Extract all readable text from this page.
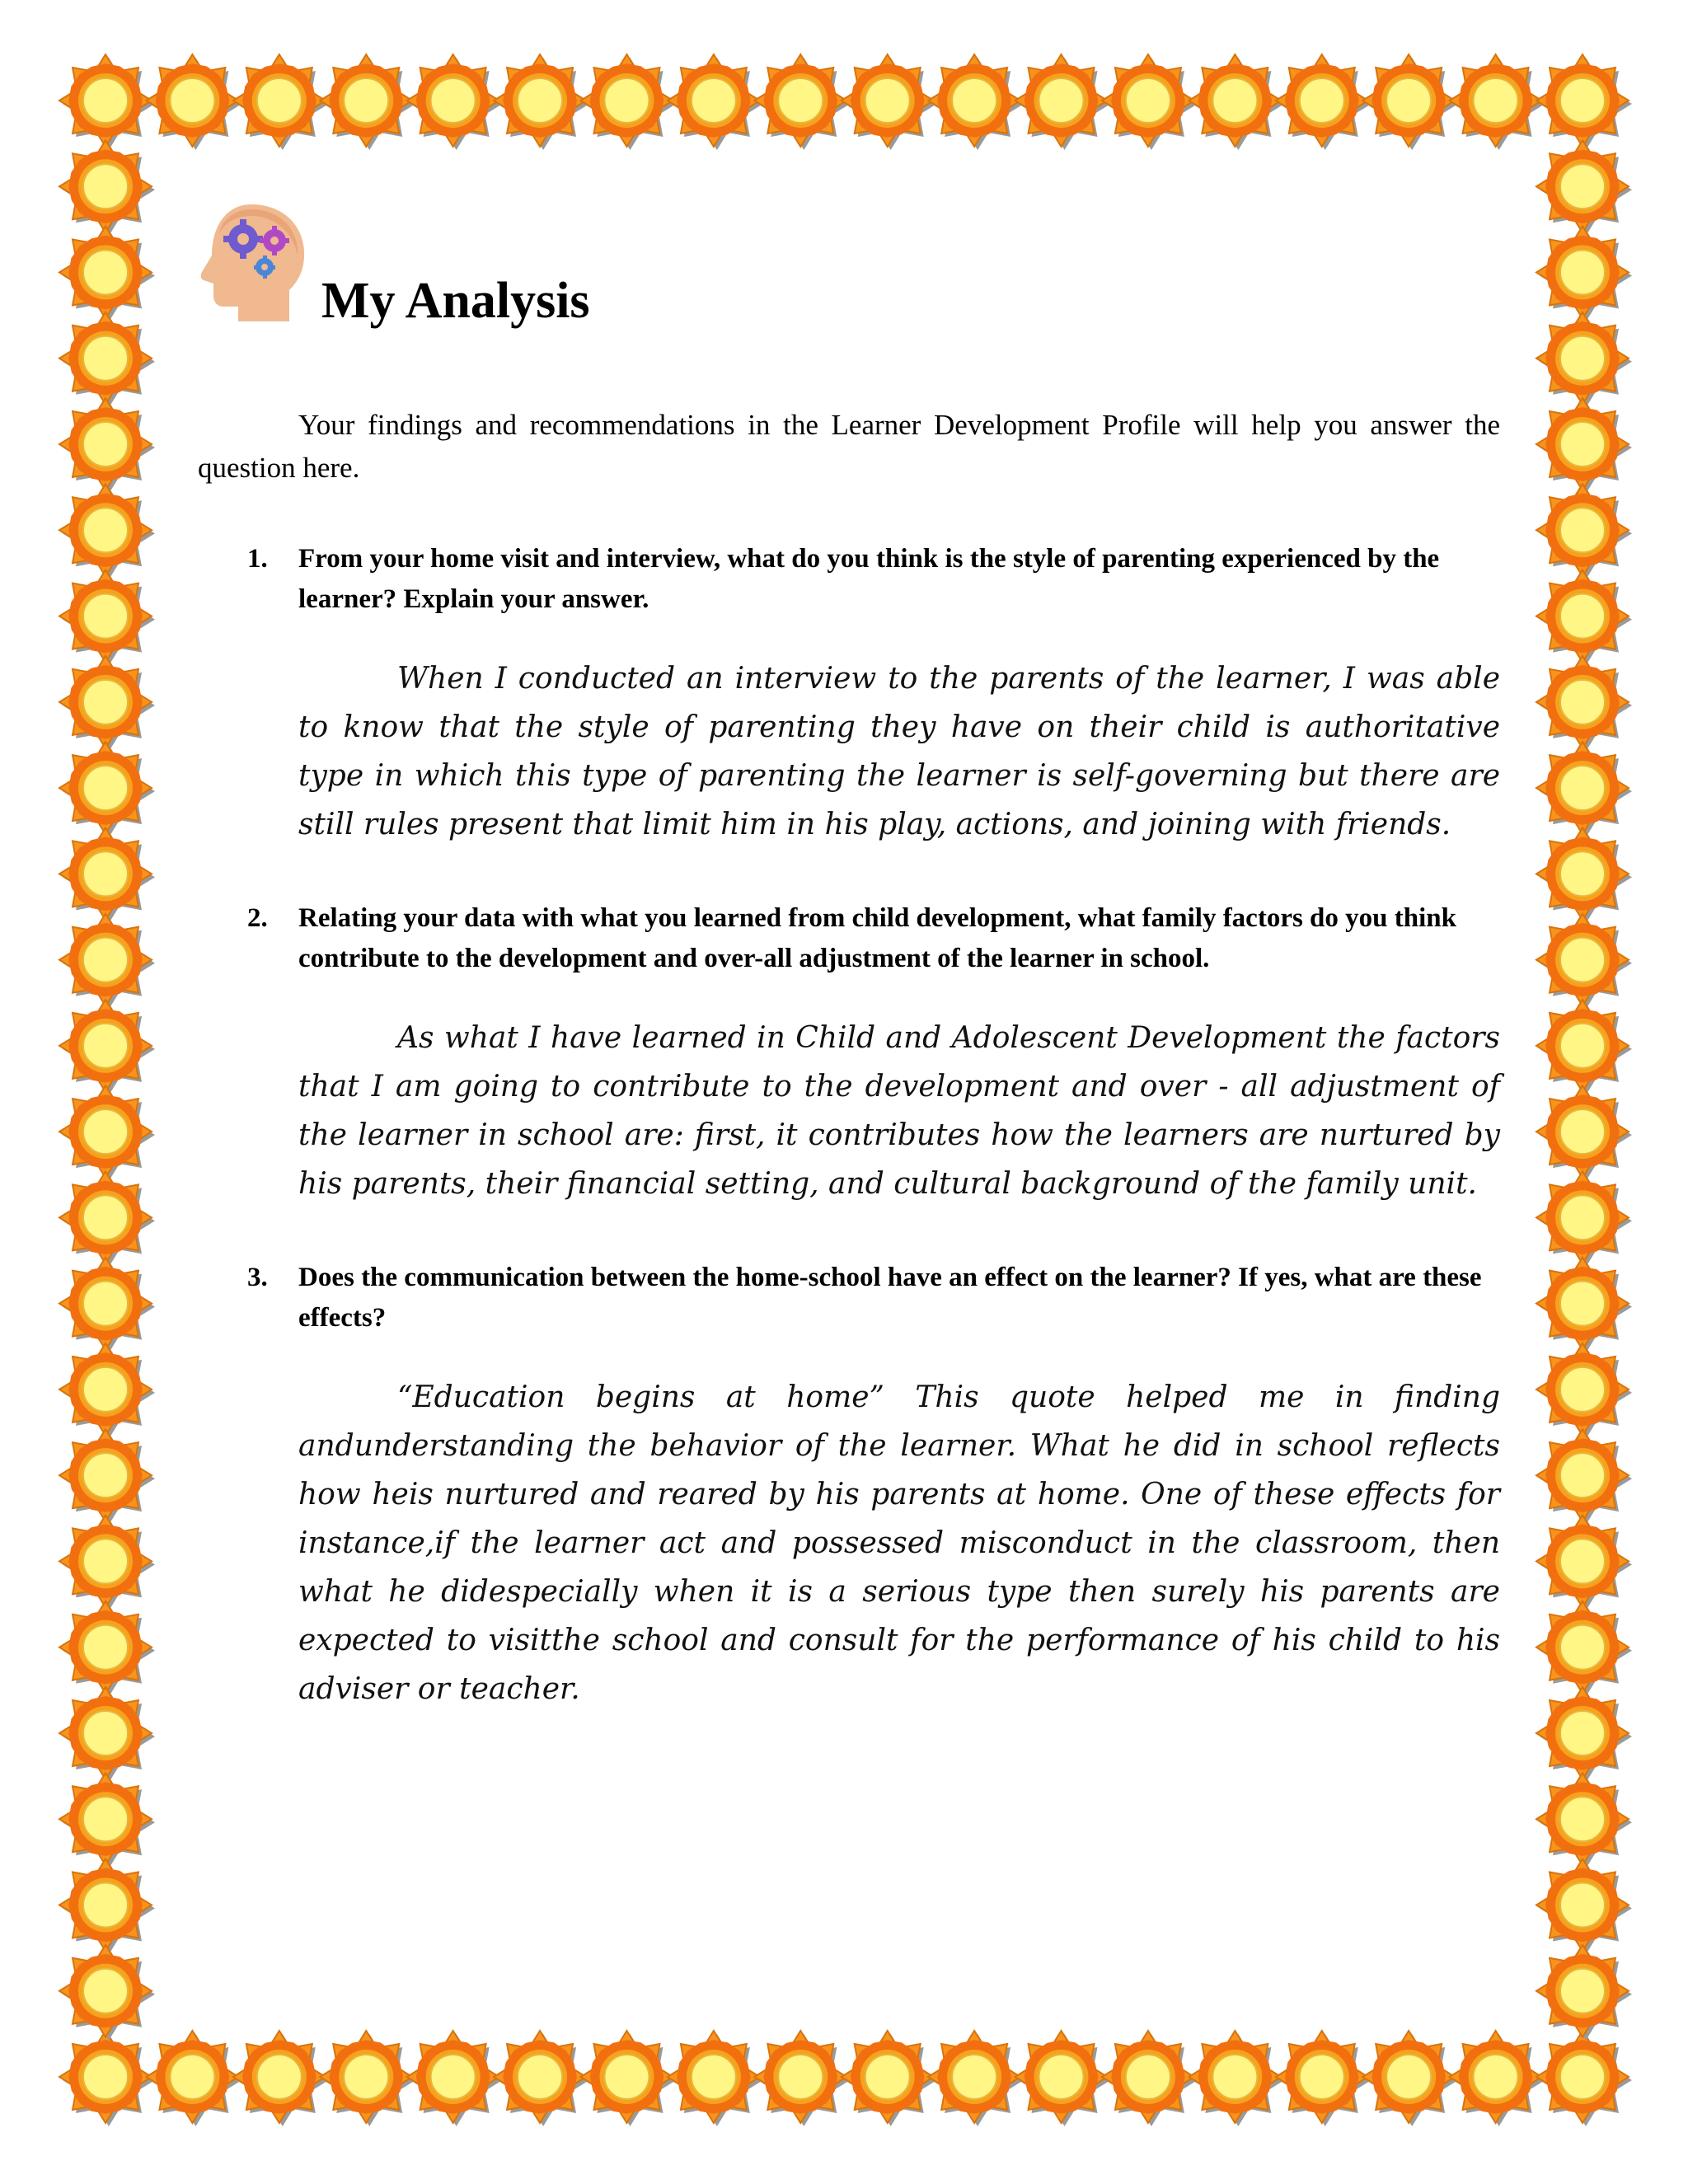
My Analysis

Your findings and recommendations in the Learner Development Profile will help you answer the question here.

1. From your home visit and interview, what do you think is the style of parenting experienced by the learner? Explain your answer.

When I conducted an interview to the parents of the learner, I was able to know that the style of parenting they have on their child is authoritative type in which this type of parenting the learner is self-governing but there are still rules present that limit him in his play, actions, and joining with friends.

2. Relating your data with what you learned from child development, what family factors do you think contribute to the development and over-all adjustment of the learner in school.

As what I have learned in Child and Adolescent Development the factors that I am going to contribute to the development and over - all adjustment of the learner in school are: first, it contributes how the learners are nurtured by his parents, their financial setting, and cultural background of the family unit.

3. Does the communication between the home-school have an effect on the learner? If yes, what are these effects?

“Education begins at home” This quote helped me in finding andunderstanding the behavior of the learner. What he did in school reflects how heis nurtured and reared by his parents at home. One of these effects for instance,if the learner act and possessed misconduct in the classroom, then what he didespecially when it is a serious type then surely his parents are expected to visitthe school and consult for the performance of his child to his adviser or teacher.
